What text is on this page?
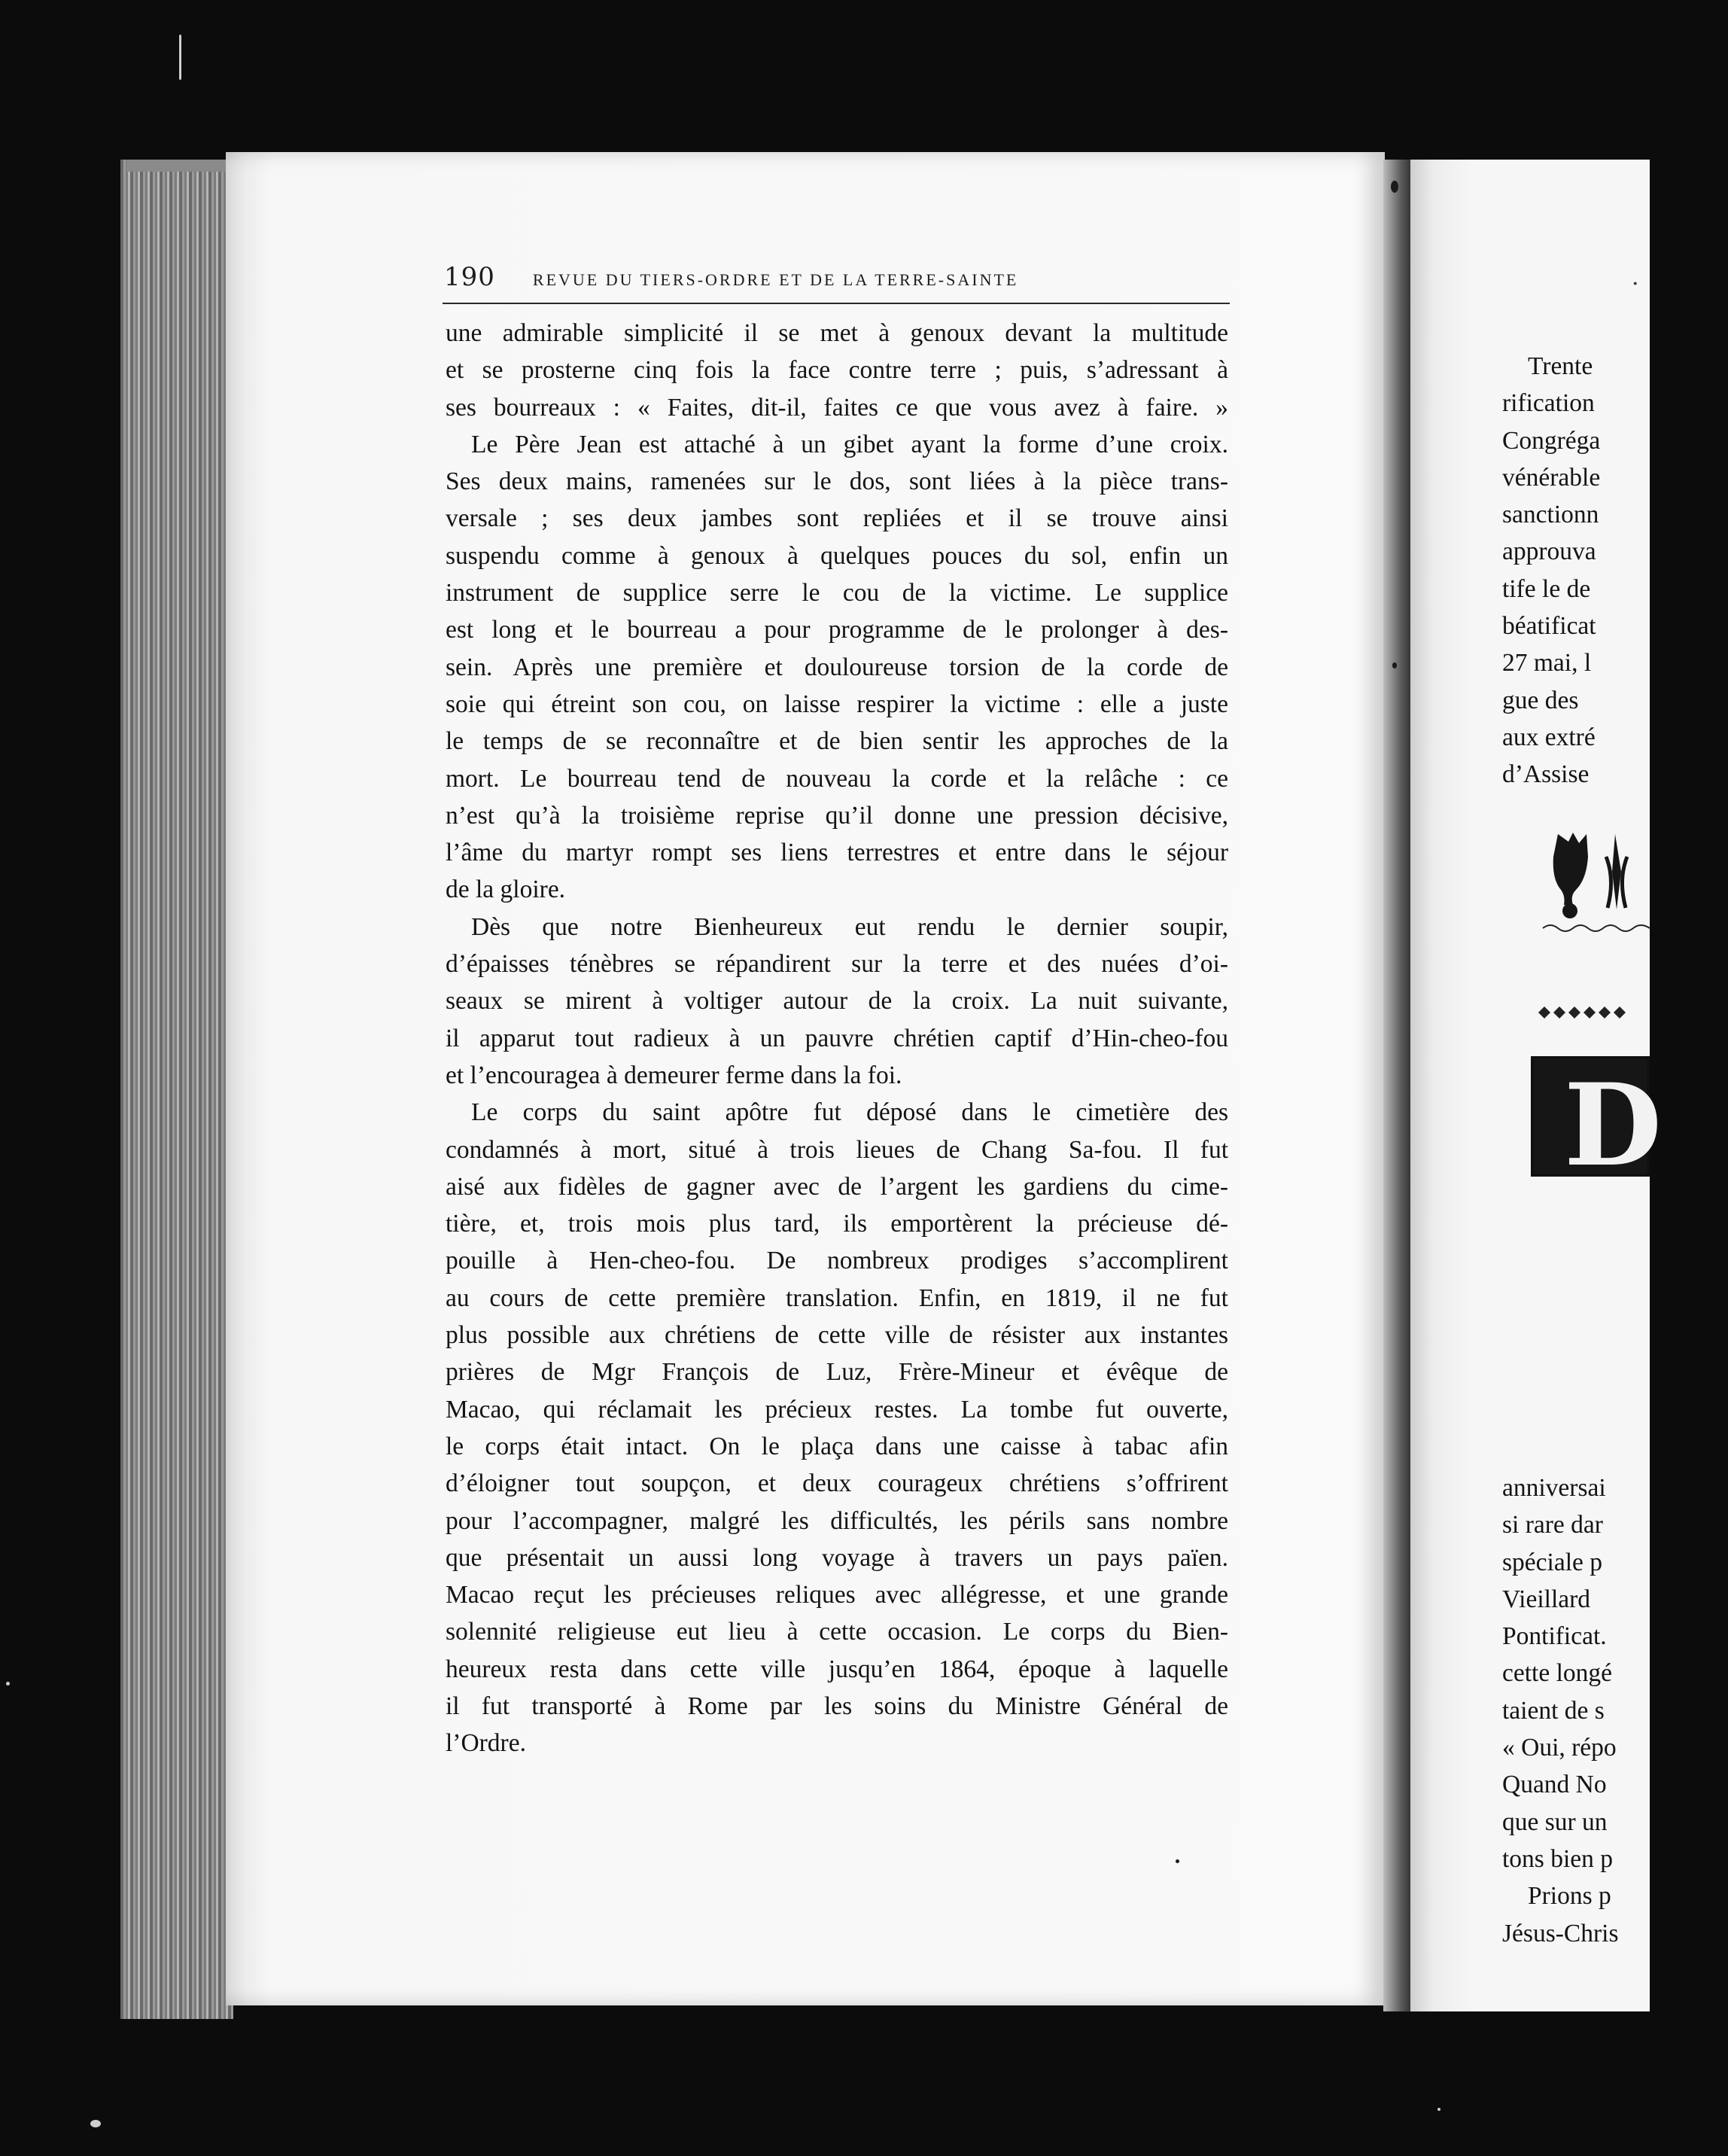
190 REVUE DU TIERS-ORDRE ET DE LA TERRE-SAINTE
une admirable simplicité il se met à genoux devant la multitude
et se prosterne cinq fois la face contre terre ; puis, s’adressant à
ses bourreaux : « Faites, dit-il, faites ce que vous avez à faire. »
Le Père Jean est attaché à un gibet ayant la forme d’une croix.
Ses deux mains, ramenées sur le dos, sont liées à la pièce trans-
versale ; ses deux jambes sont repliées et il se trouve ainsi
suspendu comme à genoux à quelques pouces du sol, enfin un
instrument de supplice serre le cou de la victime. Le supplice
est long et le bourreau a pour programme de le prolonger à des-
sein. Après une première et douloureuse torsion de la corde de
soie qui étreint son cou, on laisse respirer la victime : elle a juste
le temps de se reconnaître et de bien sentir les approches de la
mort. Le bourreau tend de nouveau la corde et la relâche : ce
n’est qu’à la troisième reprise qu’il donne une pression décisive,
l’âme du martyr rompt ses liens terrestres et entre dans le séjour
de la gloire.
Dès que notre Bienheureux eut rendu le dernier soupir,
d’épaisses ténèbres se répandirent sur la terre et des nuées d’oi-
seaux se mirent à voltiger autour de la croix. La nuit suivante,
il apparut tout radieux à un pauvre chrétien captif d’Hin-cheo-fou
et l’encouragea à demeurer ferme dans la foi.
Le corps du saint apôtre fut déposé dans le cimetière des
condamnés à mort, situé à trois lieues de Chang Sa-fou. Il fut
aisé aux fidèles de gagner avec de l’argent les gardiens du cime-
tière, et, trois mois plus tard, ils emportèrent la précieuse dé-
pouille à Hen-cheo-fou. De nombreux prodiges s’accomplirent
au cours de cette première translation. Enfin, en 1819, il ne fut
plus possible aux chrétiens de cette ville de résister aux instantes
prières de Mgr François de Luz, Frère-Mineur et évêque de
Macao, qui réclamait les précieux restes. La tombe fut ouverte,
le corps était intact. On le plaça dans une caisse à tabac afin
d’éloigner tout soupçon, et deux courageux chrétiens s’offrirent
pour l’accompagner, malgré les difficultés, les périls sans nombre
que présentait un aussi long voyage à travers un pays païen.
Macao reçut les précieuses reliques avec allégresse, et une grande
solennité religieuse eut lieu à cette occasion. Le corps du Bien-
heureux resta dans cette ville jusqu’en 1864, époque à laquelle
il fut transporté à Rome par les soins du Ministre Général de
l’Ordre.
·
Trente
rification
Congréga
vénérable
sanctionn
approuva
tife le de
béatificat
27 mai, l
gue des
aux extré
d’Assise
D
anniversai
si rare dar
spéciale p
Vieillard
Pontificat.
cette longé
taient de s
« Oui, répo
Quand No
que sur un
tons bien p
Prions p
Jésus-Chris
